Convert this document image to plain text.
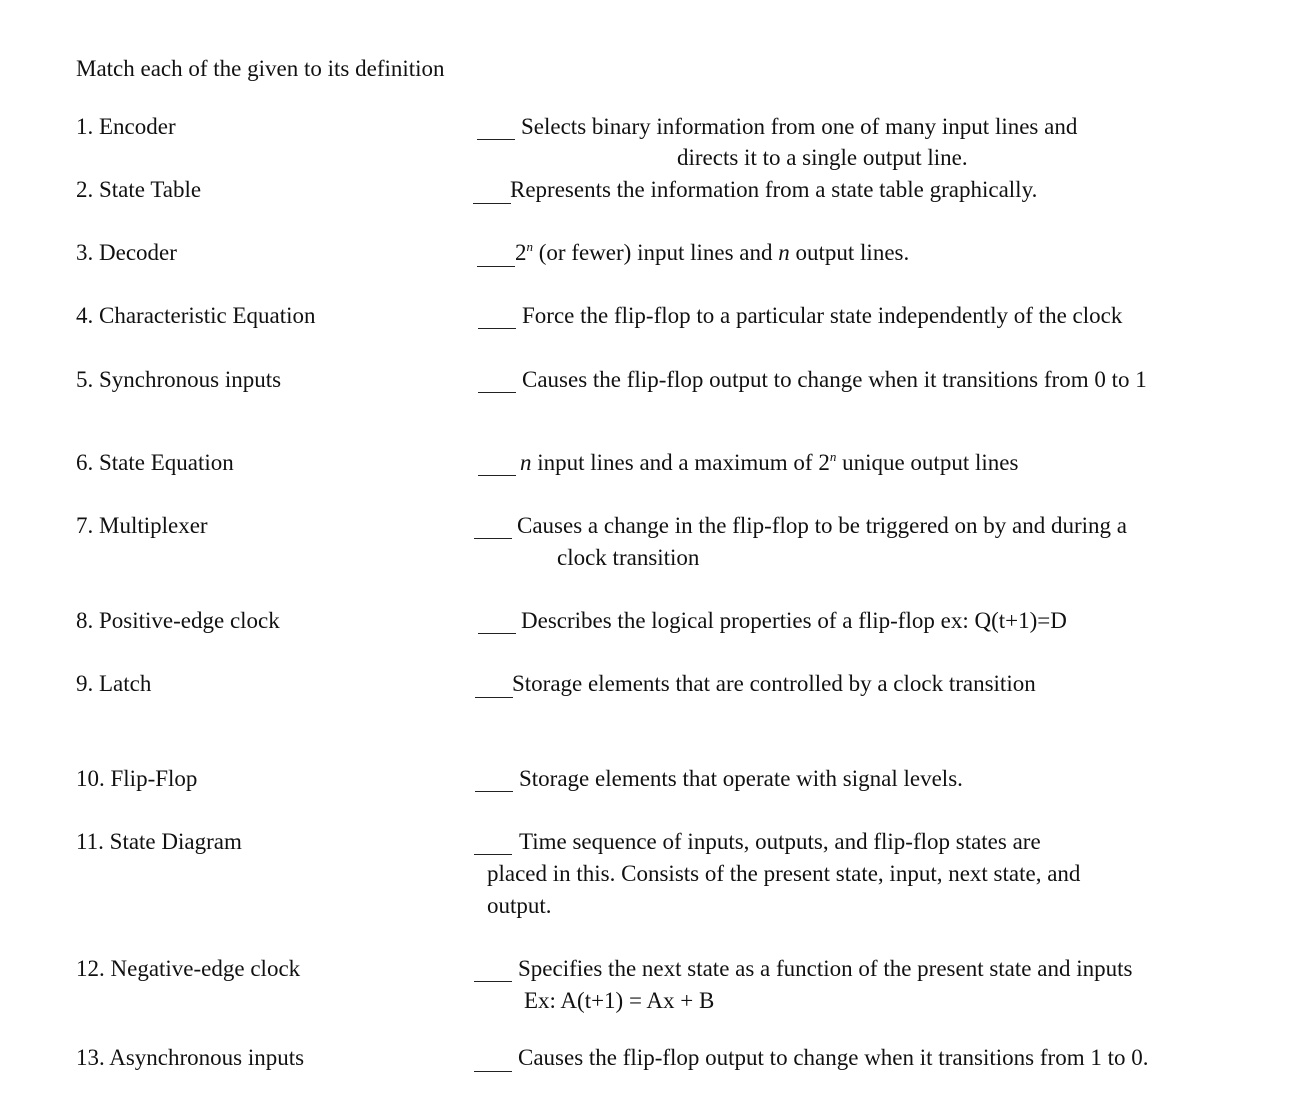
Match each of the given to its definition
1. Encoder
2. State Table
3. Decoder
4. Characteristic Equation
5. Synchronous inputs
6. State Equation
7. Multiplexer
8. Positive-edge clock
9. Latch
10. Flip-Flop
11. State Diagram
12. Negative-edge clock
13. Asynchronous inputs
Selects binary information from one of many input lines and
directs it to a single output line.
Represents the information from a state table graphically.
2$^n$ (or fewer) input lines and n output lines.
Force the flip-flop to a particular state independently of the clock
Causes the flip-flop output to change when it transitions from 0 to 1
n input lines and a maximum of 2$^n$ unique output lines
Causes a change in the flip-flop to be triggered on by and during a
clock transition
Describes the logical properties of a flip-flop ex: Q(t+1)=D
Storage elements that are controlled by a clock transition
Storage elements that operate with signal levels.
Time sequence of inputs, outputs, and flip-flop states are
placed in this. Consists of the present state, input, next state, and
output.
Specifies the next state as a function of the present state and inputs
Ex: A(t+1) = Ax + B
Causes the flip-flop output to change when it transitions from 1 to 0.
